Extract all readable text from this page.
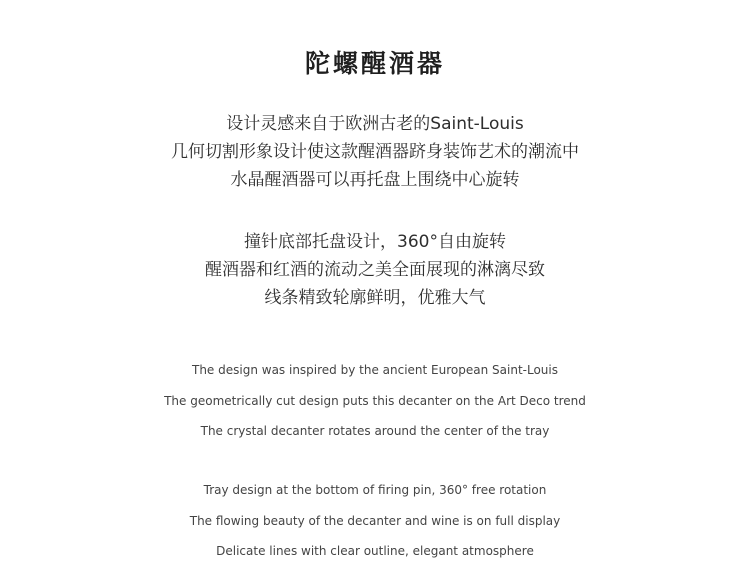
陀螺醒酒器
设计灵感来自于欧洲古老的Saint-Louis
几何切割形象设计使这款醒酒器跻身装饰艺术的潮流中
水晶醒酒器可以再托盘上围绕中心旋转
撞针底部托盘设计，360°自由旋转
醒酒器和红酒的流动之美全面展现的淋漓尽致
线条精致轮廓鲜明，优雅大气
The design was inspired by the ancient European Saint-Louis
The geometrically cut design puts this decanter on the Art Deco trend
The crystal decanter rotates around the center of the tray
Tray design at the bottom of firing pin, 360° free rotation
The flowing beauty of the decanter and wine is on full display
Delicate lines with clear outline, elegant atmosphere
